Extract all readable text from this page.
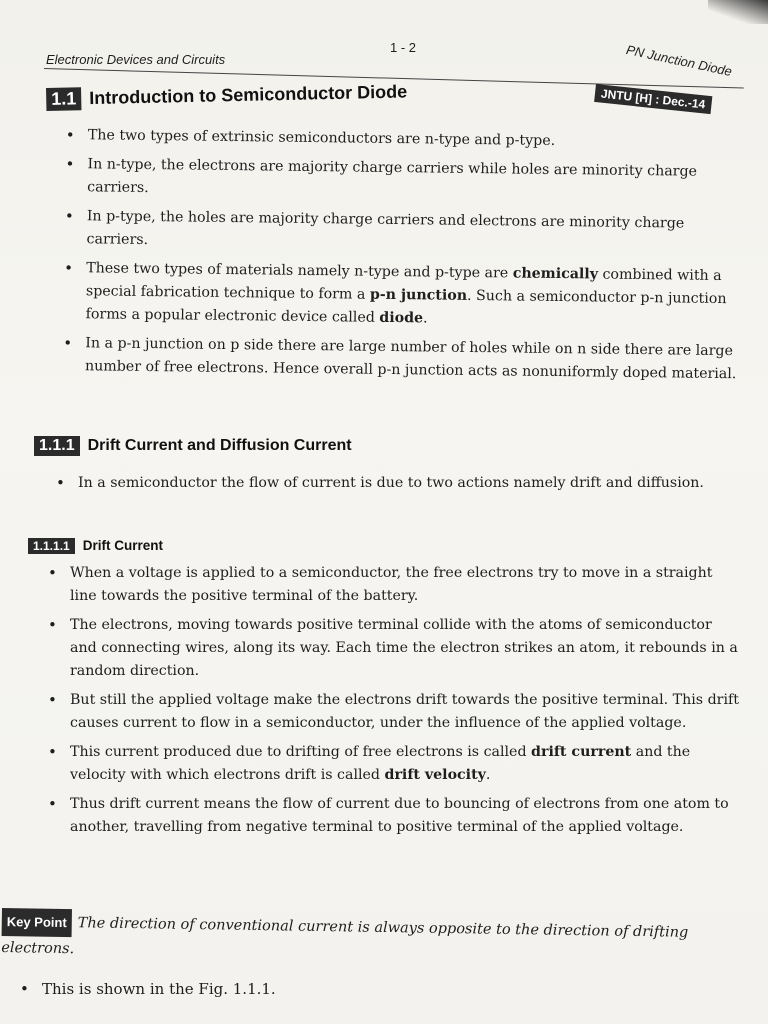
Electronic Devices and Circuits
1 - 2	PN Junction Diode
1.1 Introduction to Semiconductor Diode	JNTU [H] : Dec.-14
• The two types of extrinsic semiconductors are n-type and p-type.
• In n-type, the electrons are majority charge carriers while holes are minority charge carriers.
• In p-type, the holes are majority charge carriers and electrons are minority charge carriers.
• These two types of materials namely n-type and p-type are chemically combined with a special fabrication technique to form a p-n junction. Such a semiconductor p-n junction forms a popular electronic device called diode.
• In a p-n junction on p side there are large number of holes while on n side there are large number of free electrons. Hence overall p-n junction acts as nonuniformly doped material.
1.1.1 Drift Current and Diffusion Current
• In a semiconductor the flow of current is due to two actions namely drift and diffusion.
1.1.1.1 Drift Current
• When a voltage is applied to a semiconductor, the free electrons try to move in a straight line towards the positive terminal of the battery.
• The electrons, moving towards positive terminal collide with the atoms of semiconductor and connecting wires, along its way. Each time the electron strikes an atom, it rebounds in a random direction.
• But still the applied voltage make the electrons drift towards the positive terminal. This drift causes current to flow in a semiconductor, under the influence of the applied voltage.
• This current produced due to drifting of free electrons is called drift current and the velocity with which electrons drift is called drift velocity.
• Thus drift current means the flow of current due to bouncing of electrons from one atom to another, travelling from negative terminal to positive terminal of the applied voltage.
Key Point The direction of conventional current is always opposite to the direction of drifting electrons.
• This is shown in the Fig. 1.1.1.
